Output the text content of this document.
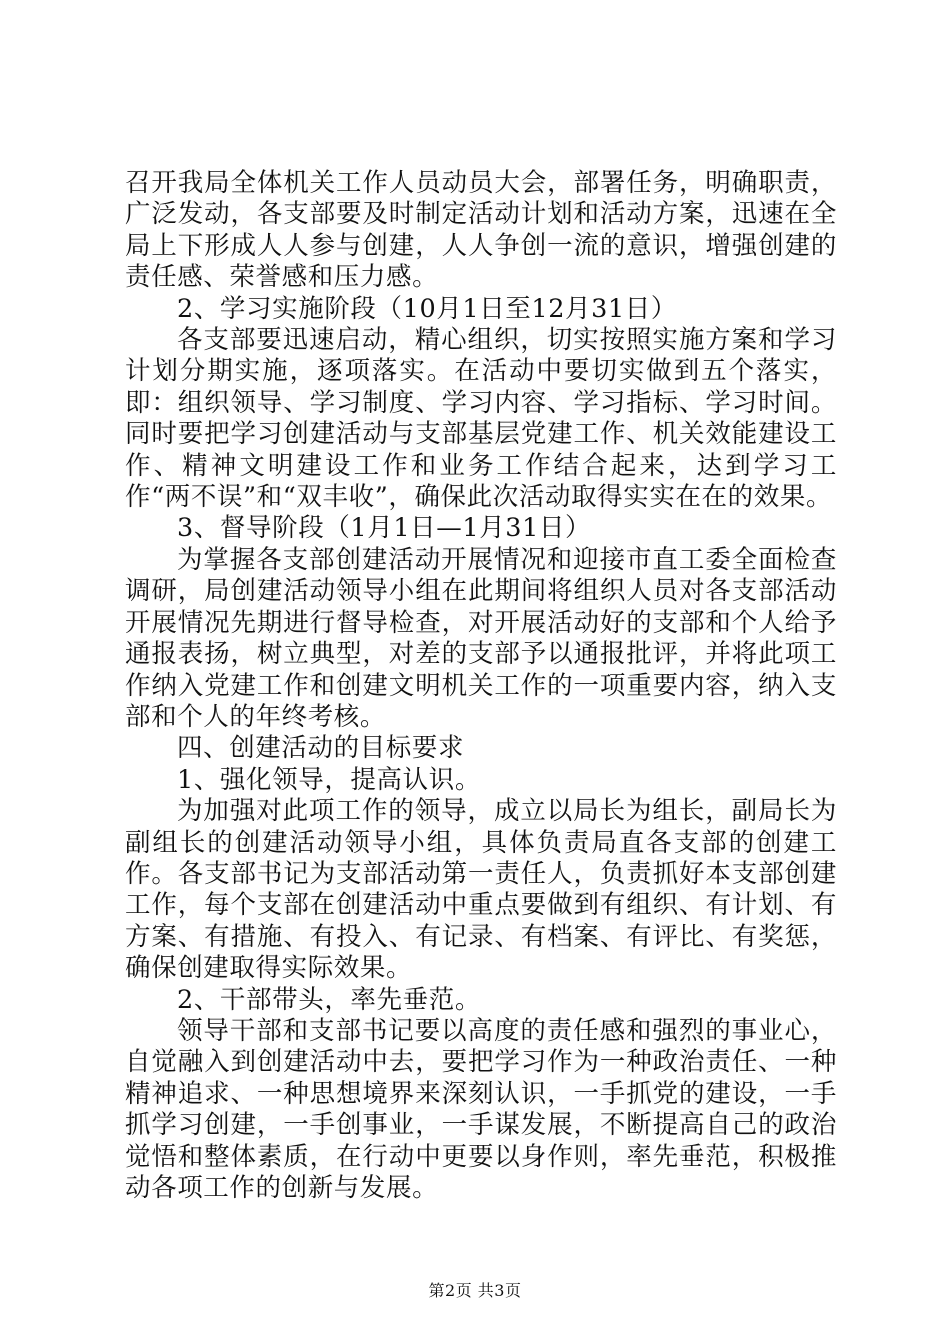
召开我局全体机关工作人员动员大会，部署任务，明确职责，广泛发动，各支部要及时制定活动计划和活动方案，迅速在全局上下形成人人参与创建，人人争创一流的意识，增强创建的责任感、荣誉感和压力感。

2、学习实施阶段（10月1日至12月31日）

各支部要迅速启动，精心组织，切实按照实施方案和学习计划分期实施，逐项落实。在活动中要切实做到五个落实，即：组织领导、学习制度、学习内容、学习指标、学习时间。同时要把学习创建活动与支部基层党建工作、机关效能建设工作、精神文明建设工作和业务工作结合起来，达到学习工作“两不误”和“双丰收”，确保此次活动取得实实在在的效果。

3、督导阶段（1月1日—1月31日）

为掌握各支部创建活动开展情况和迎接市直工委全面检查调研，局创建活动领导小组在此期间将组织人员对各支部活动开展情况先期进行督导检查，对开展活动好的支部和个人给予通报表扬，树立典型，对差的支部予以通报批评，并将此项工作纳入党建工作和创建文明机关工作的一项重要内容，纳入支部和个人的年终考核。

四、创建活动的目标要求

1、强化领导，提高认识。

为加强对此项工作的领导，成立以局长为组长，副局长为副组长的创建活动领导小组，具体负责局直各支部的创建工作。各支部书记为支部活动第一责任人，负责抓好本支部创建工作，每个支部在创建活动中重点要做到有组织、有计划、有方案、有措施、有投入、有记录、有档案、有评比、有奖惩，确保创建取得实际效果。

2、干部带头，率先垂范。

领导干部和支部书记要以高度的责任感和强烈的事业心，自觉融入到创建活动中去，要把学习作为一种政治责任、一种精神追求、一种思想境界来深刻认识，一手抓党的建设，一手抓学习创建，一手创事业，一手谋发展，不断提高自己的政治觉悟和整体素质，在行动中更要以身作则，率先垂范，积极推动各项工作的创新与发展。

第2页 共3页
